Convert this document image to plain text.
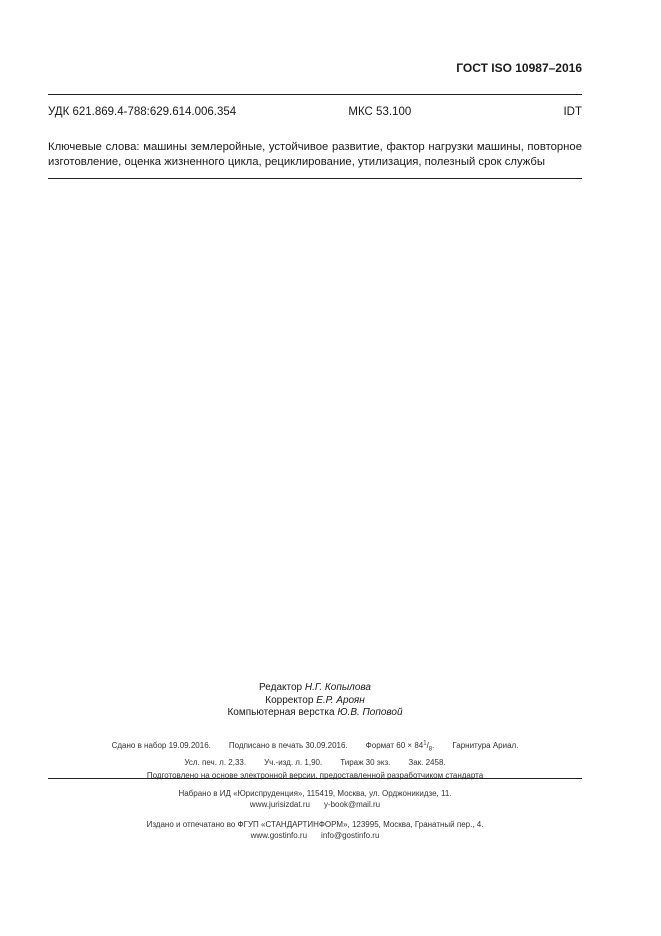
ГОСТ ISO 10987–2016
УДК 621.869.4-788:629.614.006.354	МКС 53.100	IDT
Ключевые слова: машины землеройные, устойчивое развитие, фактор нагрузки машины, повторное изготовление, оценка жизненного цикла, рециклирование, утилизация, полезный срок службы
Редактор Н.Г. Копылова
Корректор Е.Р. Ароян
Компьютерная верстка Ю.В. Поповой
Сдано в набор 19.09.2016. Подписано в печать 30.09.2016. Формат $60 \times 84^1/_8$. Гарнитура Ариал.
Усл. печ. л. 2,33. Уч.-изд. л. 1,90. Тираж 30 экз. Зак. 2458.
Подготовлено на основе электронной версии, предоставленной разработчиком стандарта
Набрано в ИД «Юриспруденция», 115419, Москва, ул. Орджоникидзе, 11.
www.jurisizdat.ru y-book@mail.ru
Издано и отпечатано во ФГУП «СТАНДАРТИНФОРМ», 123995, Москва, Гранатный пер., 4.
www.gostinfo.ru info@gostinfo.ru
